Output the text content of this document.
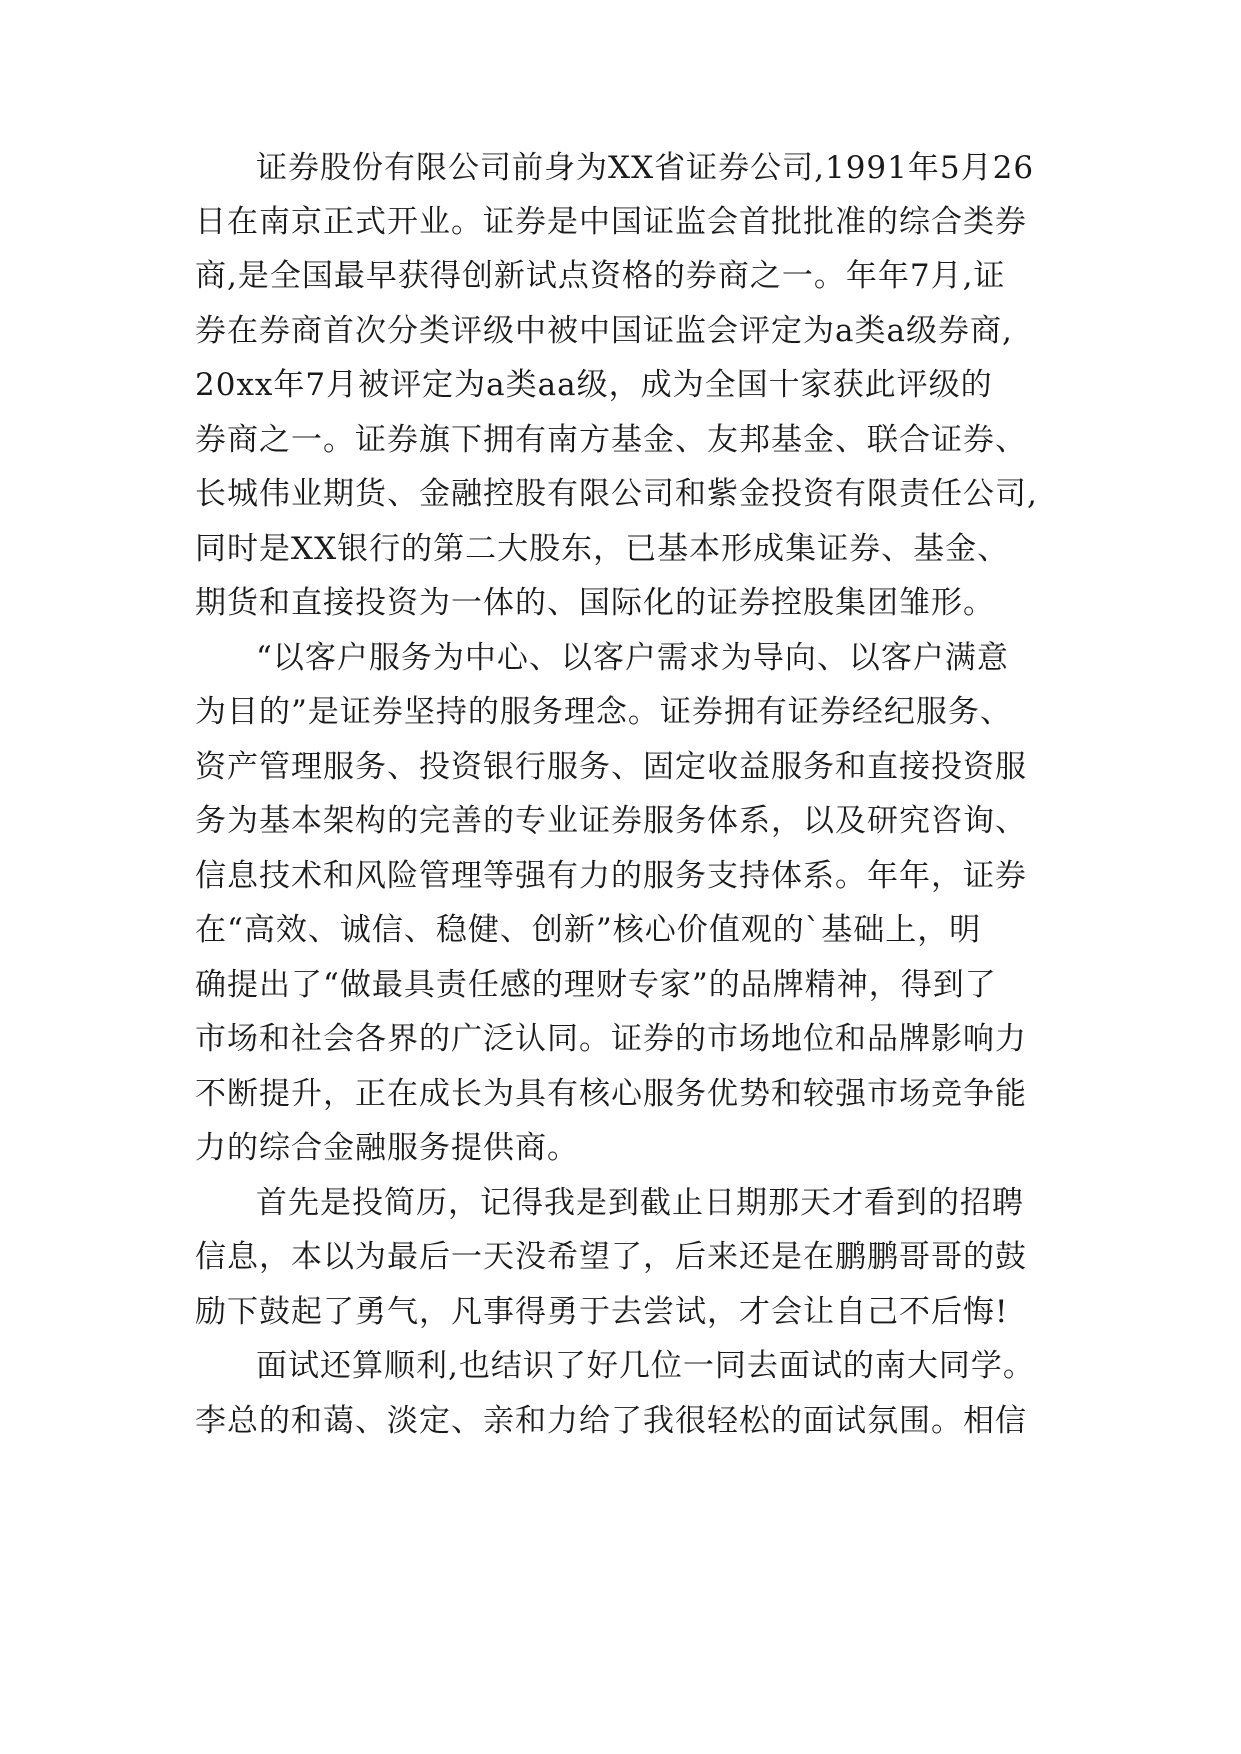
证券股份有限公司前身为XX省证券公司,1991年5月26

日在南京正式开业。证券是中国证监会首批批准的综合类券

商,是全国最早获得创新试点资格的券商之一。年年7月,证

券在券商首次分类评级中被中国证监会评定为a类a级券商,

20xx年7月被评定为a类aa级，成为全国十家获此评级的

券商之一。证券旗下拥有南方基金、友邦基金、联合证券、

长城伟业期货、金融控股有限公司和紫金投资有限责任公司,

同时是XX银行的第二大股东，已基本形成集证券、基金、

期货和直接投资为一体的、国际化的证券控股集团雏形。

“以客户服务为中心、以客户需求为导向、以客户满意

为目的”是证券坚持的服务理念。证券拥有证券经纪服务、

资产管理服务、投资银行服务、固定收益服务和直接投资服

务为基本架构的完善的专业证券服务体系，以及研究咨询、

信息技术和风险管理等强有力的服务支持体系。年年，证券

在“高效、诚信、稳健、创新”核心价值观的`基础上，明

确提出了“做最具责任感的理财专家”的品牌精神，得到了

市场和社会各界的广泛认同。证券的市场地位和品牌影响力

不断提升，正在成长为具有核心服务优势和较强市场竞争能

力的综合金融服务提供商。

首先是投简历，记得我是到截止日期那天才看到的招聘

信息，本以为最后一天没希望了，后来还是在鹏鹏哥哥的鼓

励下鼓起了勇气，凡事得勇于去尝试，才会让自己不后悔!

面试还算顺利,也结识了好几位一同去面试的南大同学。

李总的和蔼、淡定、亲和力给了我很轻松的面试氛围。相信
